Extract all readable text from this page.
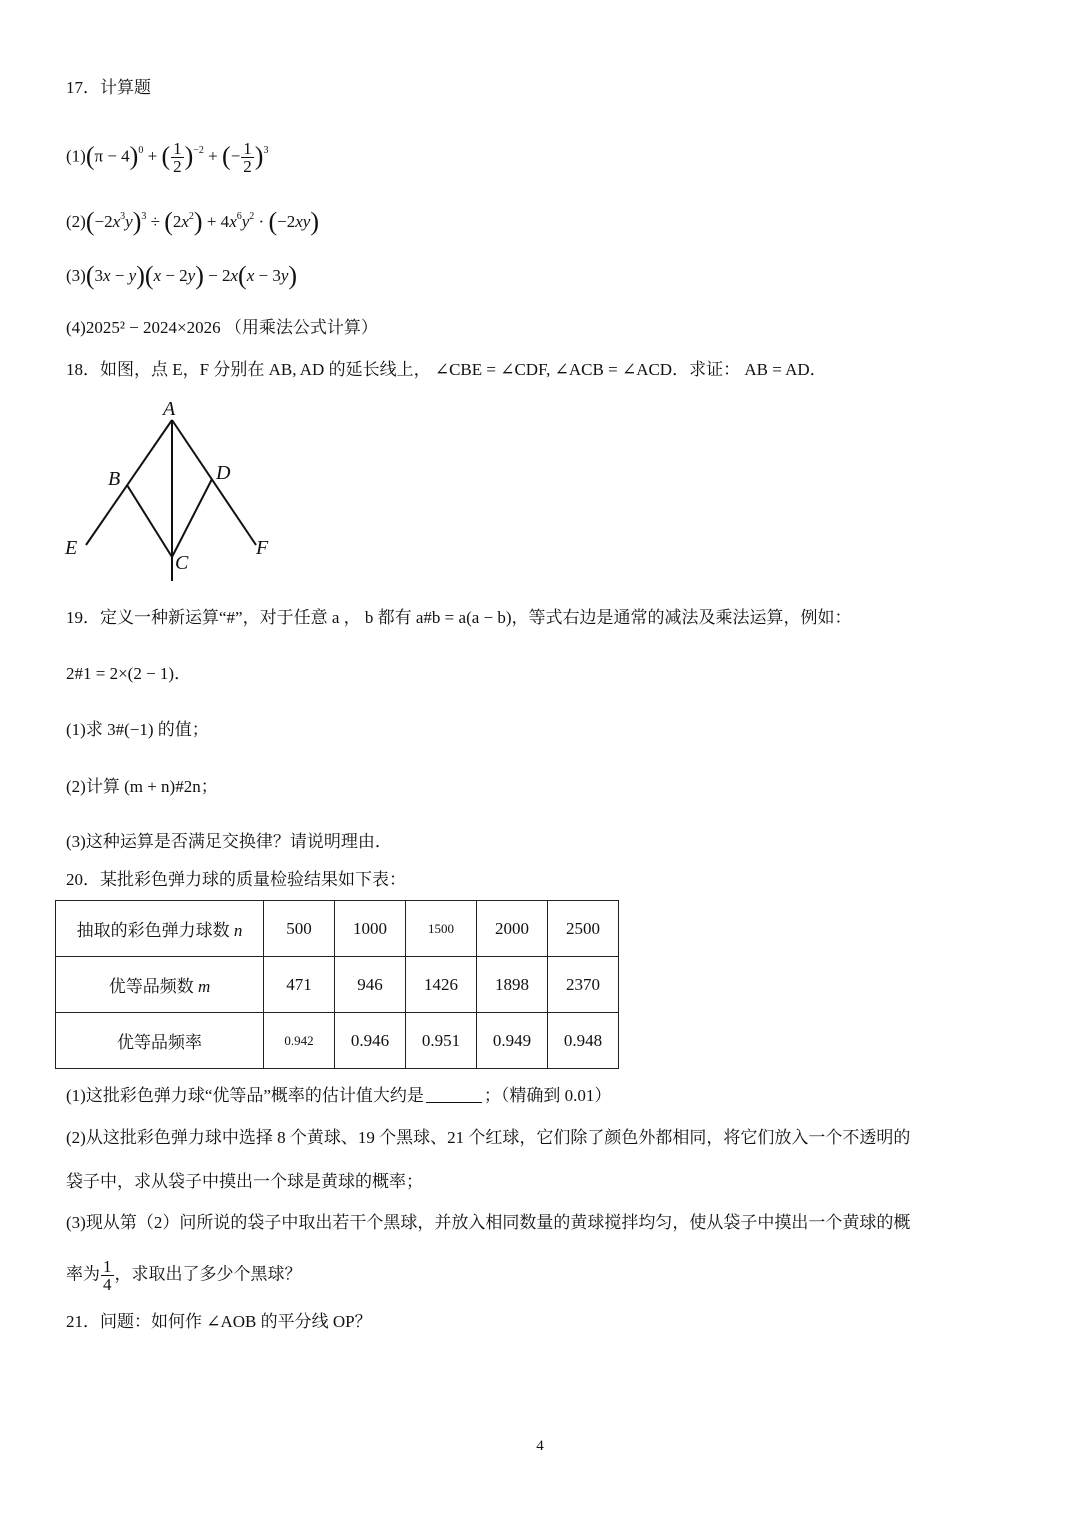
17．计算题
$(1)(\pi - 4)^0$ + ( $\frac{1}{2} )^{-2}$ + (− $\frac{1}{2} )^3$
$(2)(-2x^3y)^3 \div (2x^2) + 4x^6y^2 \cdot (-2xy)$
(3)(3x − y)(x − 2y) − 2x(x − 3y)
(4)2025² − 2024×2026 （用乘法公式计算）
18．如图，点 E，F 分别在 AB, AD 的延长线上， ∠CBE = ∠CDF, ∠ACB = ∠ACD．求证： AB = AD．
A
B	D
E	F
C
19．定义一种新运算“#”，对于任意 a ， b 都有 a#b = a(a − b)，等式右边是通常的减法及乘法运算，例如：
2#1 = 2×(2 − 1)．
(1)求 3#(−1) 的值；
(2)计算 (m + n)#2n；
(3)这种运算是否满足交换律？请说明理由．
20．某批彩色弹力球的质量检验结果如下表：
抽取的彩色弹力球数 n	500	1000	1500	2000	2500
优等品频数 m	471	946	1426	1898	2370
优等品频率	0.942	0.946	0.951	0.949	0.948
(1)这批彩色弹力球“优等品”概率的估计值大约是	；（精确到 0.01）
(2)从这批彩色弹力球中选择 8 个黄球、19 个黑球、21 个红球，它们除了颜色外都相同，将它们放入一个不透明的
袋子中，求从袋子中摸出一个球是黄球的概率；
(3)现从第（2）问所说的袋子中取出若干个黑球，并放入相同数量的黄球搅拌均匀，使从袋子中摸出一个黄球的概
率为 $\frac{1}{4}$ ，求取出了多少个黑球？
21．问题：如何作 ∠AOB 的平分线 OP？
4
